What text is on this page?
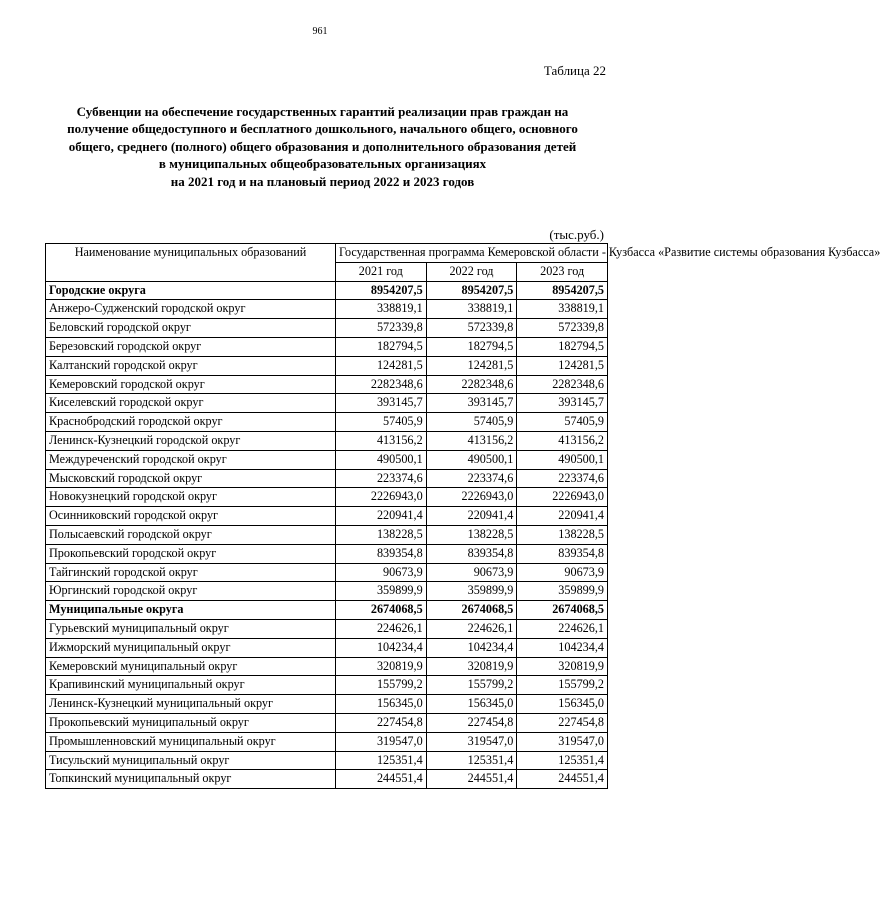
961
Таблица 22
Субвенции на обеспечение государственных гарантий реализации прав граждан на
получение общедоступного и бесплатного дошкольного, начального общего, основного
общего, среднего (полного) общего образования и дополнительного образования детей
в муниципальных общеобразовательных организациях
на 2021 год и на плановый период 2022 и 2023 годов
(тыс.руб.)
Наименование муниципальных образований	Государственная программа Кемеровской области - Кузбасса «Развитие системы образования Кузбасса»		
	2021 год	2022 год	2023 год
Городские округа	8954207,5	8954207,5	8954207,5
Анжеро-Судженский городской округ	338819,1	338819,1	338819,1
Беловский городской округ	572339,8	572339,8	572339,8
Березовский городской округ	182794,5	182794,5	182794,5
Калтанский городской округ	124281,5	124281,5	124281,5
Кемеровский городской округ	2282348,6	2282348,6	2282348,6
Киселевский городской округ	393145,7	393145,7	393145,7
Краснобродский городской округ	57405,9	57405,9	57405,9
Ленинск-Кузнецкий городской округ	413156,2	413156,2	413156,2
Междуреченский городской округ	490500,1	490500,1	490500,1
Мысковский городской округ	223374,6	223374,6	223374,6
Новокузнецкий городской округ	2226943,0	2226943,0	2226943,0
Осинниковский городской округ	220941,4	220941,4	220941,4
Полысаевский городской округ	138228,5	138228,5	138228,5
Прокопьевский городской округ	839354,8	839354,8	839354,8
Тайгинский городской округ	90673,9	90673,9	90673,9
Юргинский городской округ	359899,9	359899,9	359899,9
Муниципальные округа	2674068,5	2674068,5	2674068,5
Гурьевский муниципальный округ	224626,1	224626,1	224626,1
Ижморский муниципальный округ	104234,4	104234,4	104234,4
Кемеровский муниципальный округ	320819,9	320819,9	320819,9
Крапивинский муниципальный округ	155799,2	155799,2	155799,2
Ленинск-Кузнецкий муниципальный округ	156345,0	156345,0	156345,0
Прокопьевский муниципальный округ	227454,8	227454,8	227454,8
Промышленновский муниципальный округ	319547,0	319547,0	319547,0
Тисульский муниципальный округ	125351,4	125351,4	125351,4
Топкинский муниципальный округ	244551,4	244551,4	244551,4
